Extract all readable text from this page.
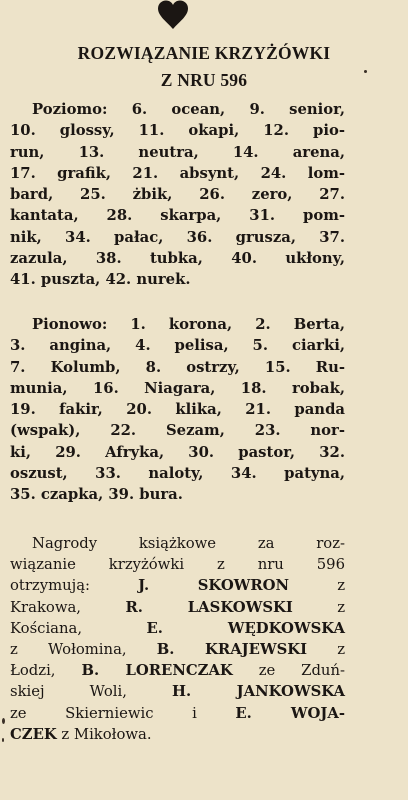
ROZWIĄZANIE KRZYŻÓWKI
Z NRU 596
Poziomo: 6. ocean, 9. senior,
10. glossy, 11. okapi, 12. pio-
run, 13. neutra, 14. arena,
17. grafik, 21. absynt, 24. lom-
bard, 25. żbik, 26. zero, 27.
kantata, 28. skarpa, 31. pom-
nik, 34. pałac, 36. grusza, 37.
zazula, 38. tubka, 40. ukłony,
41. puszta, 42. nurek.
Pionowo: 1. korona, 2. Berta,
3. angina, 4. pelisa, 5. ciarki,
7. Kolumb, 8. ostrzy, 15. Ru-
munia, 16. Niagara, 18. robak,
19. fakir, 20. klika, 21. panda
(wspak), 22. Sezam, 23. nor-
ki, 29. Afryka, 30. pastor, 32.
oszust, 33. naloty, 34. patyna,
35. czapka, 39. bura.
Nagrody książkowe za roz-
wiązanie krzyżówki z nru 596
otrzymują: J. SKOWRON z
Krakowa, R. LASKOWSKI z
Kościana, E. WĘDKOWSKA
z Wołomina, B. KRAJEWSKI z
Łodzi, B. LORENCZAK ze Zduń-
skiej Woli, H. JANKOWSKA
ze Skierniewic i E. WOJA-
CZEK z Mikołowa.
